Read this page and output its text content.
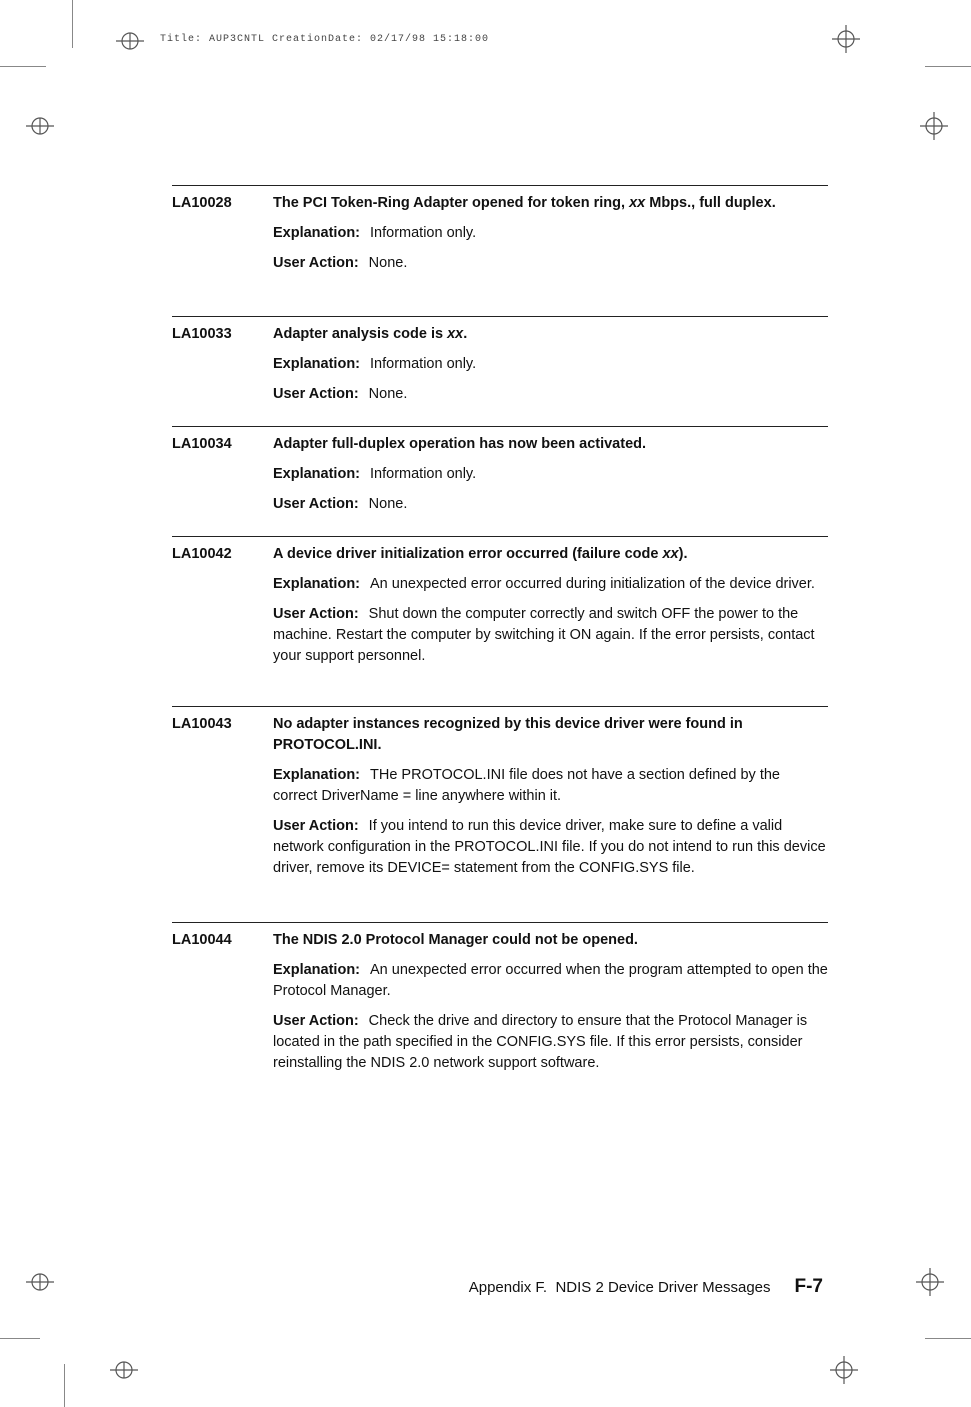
Title: AUP3CNTL CreationDate: 02/17/98 15:18:00
LA10028	The PCI Token-Ring Adapter opened for token ring, xx Mbps., full duplex.

Explanation: Information only.

User Action: None.

LA10033	Adapter analysis code is xx.

Explanation: Information only.

User Action: None.

LA10034	Adapter full-duplex operation has now been activated.

Explanation: Information only.

User Action: None.

LA10042	A device driver initialization error occurred (failure code xx).

Explanation: An unexpected error occurred during initialization of the device driver.

User Action: Shut down the computer correctly and switch OFF the power to the machine. Restart the computer by switching it ON again. If the error persists, contact your support personnel.

LA10043	No adapter instances recognized by this device driver were found in PROTOCOL.INI.

Explanation: THe PROTOCOL.INI file does not have a section defined by the correct DriverName = line anywhere within it.

User Action: If you intend to run this device driver, make sure to define a valid network configuration in the PROTOCOL.INI file. If you do not intend to run this device driver, remove its DEVICE= statement from the CONFIG.SYS file.

LA10044	The NDIS 2.0 Protocol Manager could not be opened.

Explanation: An unexpected error occurred when the program attempted to open the Protocol Manager.

User Action: Check the drive and directory to ensure that the Protocol Manager is located in the path specified in the CONFIG.SYS file. If this error persists, consider reinstalling the NDIS 2.0 network support software.

Appendix F.  NDIS 2 Device Driver Messages F-7
